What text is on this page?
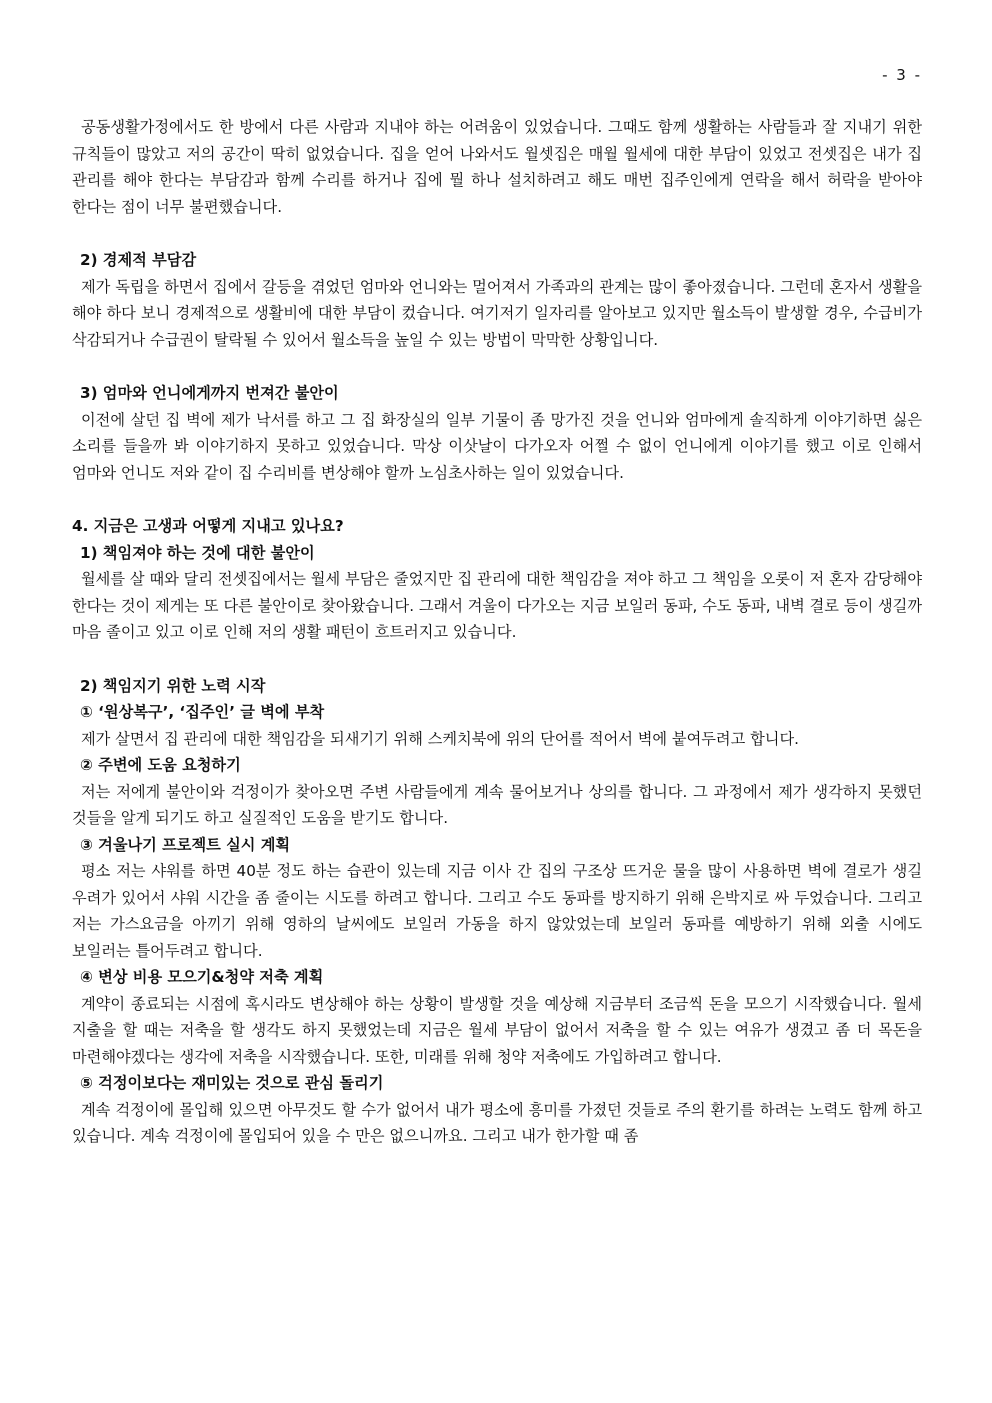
- 3 -
공동생활가정에서도 한 방에서 다른 사람과 지내야 하는 어려움이 있었습니다. 그때도 함께 생활하는 사람들과 잘 지내기 위한 규칙들이 많았고 저의 공간이 딱히 없었습니다. 집을 얻어 나와서도 월셋집은 매월 월세에 대한 부담이 있었고 전셋집은 내가 집 관리를 해야 한다는 부담감과 함께 수리를 하거나 집에 뭘 하나 설치하려고 해도 매번 집주인에게 연락을 해서 허락을 받아야 한다는 점이 너무 불편했습니다.
2) 경제적 부담감
제가 독립을 하면서 집에서 갈등을 겪었던 엄마와 언니와는 멀어져서 가족과의 관계는 많이 좋아졌습니다. 그런데 혼자서 생활을 해야 하다 보니 경제적으로 생활비에 대한 부담이 컸습니다. 여기저기 일자리를 알아보고 있지만 월소득이 발생할 경우, 수급비가 삭감되거나 수급권이 탈락될 수 있어서 월소득을 높일 수 있는 방법이 막막한 상황입니다.
3) 엄마와 언니에게까지 번져간 불안이
이전에 살던 집 벽에 제가 낙서를 하고 그 집 화장실의 일부 기물이 좀 망가진 것을 언니와 엄마에게 솔직하게 이야기하면 싫은 소리를 들을까 봐 이야기하지 못하고 있었습니다. 막상 이삿날이 다가오자 어쩔 수 없이 언니에게 이야기를 했고 이로 인해서 엄마와 언니도 저와 같이 집 수리비를 변상해야 할까 노심초사하는 일이 있었습니다.
4. 지금은 고생과 어떻게 지내고 있나요?
1) 책임져야 하는 것에 대한 불안이
월세를 살 때와 달리 전셋집에서는 월세 부담은 줄었지만 집 관리에 대한 책임감을 져야 하고 그 책임을 오롯이 저 혼자 감당해야 한다는 것이 제게는 또 다른 불안이로 찾아왔습니다. 그래서 겨울이 다가오는 지금 보일러 동파, 수도 동파, 내벽 결로 등이 생길까 마음 졸이고 있고 이로 인해 저의 생활 패턴이 흐트러지고 있습니다.
2) 책임지기 위한 노력 시작
① ‘원상복구’, ‘집주인’ 글 벽에 부착
제가 살면서 집 관리에 대한 책임감을 되새기기 위해 스케치북에 위의 단어를 적어서 벽에 붙여두려고 합니다.
② 주변에 도움 요청하기
저는 저에게 불안이와 걱정이가 찾아오면 주변 사람들에게 계속 물어보거나 상의를 합니다. 그 과정에서 제가 생각하지 못했던 것들을 알게 되기도 하고 실질적인 도움을 받기도 합니다.
③ 겨울나기 프로젝트 실시 계획
평소 저는 샤워를 하면 40분 정도 하는 습관이 있는데 지금 이사 간 집의 구조상 뜨거운 물을 많이 사용하면 벽에 결로가 생길 우려가 있어서 샤워 시간을 좀 줄이는 시도를 하려고 합니다. 그리고 수도 동파를 방지하기 위해 은박지로 싸 두었습니다. 그리고 저는 가스요금을 아끼기 위해 영하의 날씨에도 보일러 가동을 하지 않았었는데 보일러 동파를 예방하기 위해 외출 시에도 보일러는 틀어두려고 합니다.
④ 변상 비용 모으기&청약 저축 계획
계약이 종료되는 시점에 혹시라도 변상해야 하는 상황이 발생할 것을 예상해 지금부터 조금씩 돈을 모으기 시작했습니다. 월세 지출을 할 때는 저축을 할 생각도 하지 못했었는데 지금은 월세 부담이 없어서 저축을 할 수 있는 여유가 생겼고 좀 더 목돈을 마련해야겠다는 생각에 저축을 시작했습니다. 또한, 미래를 위해 청약 저축에도 가입하려고 합니다.
⑤ 걱정이보다는 재미있는 것으로 관심 돌리기
계속 걱정이에 몰입해 있으면 아무것도 할 수가 없어서 내가 평소에 흥미를 가졌던 것들로 주의 환기를 하려는 노력도 함께 하고 있습니다. 계속 걱정이에 몰입되어 있을 수 만은 없으니까요. 그리고 내가 한가할 때 좀
